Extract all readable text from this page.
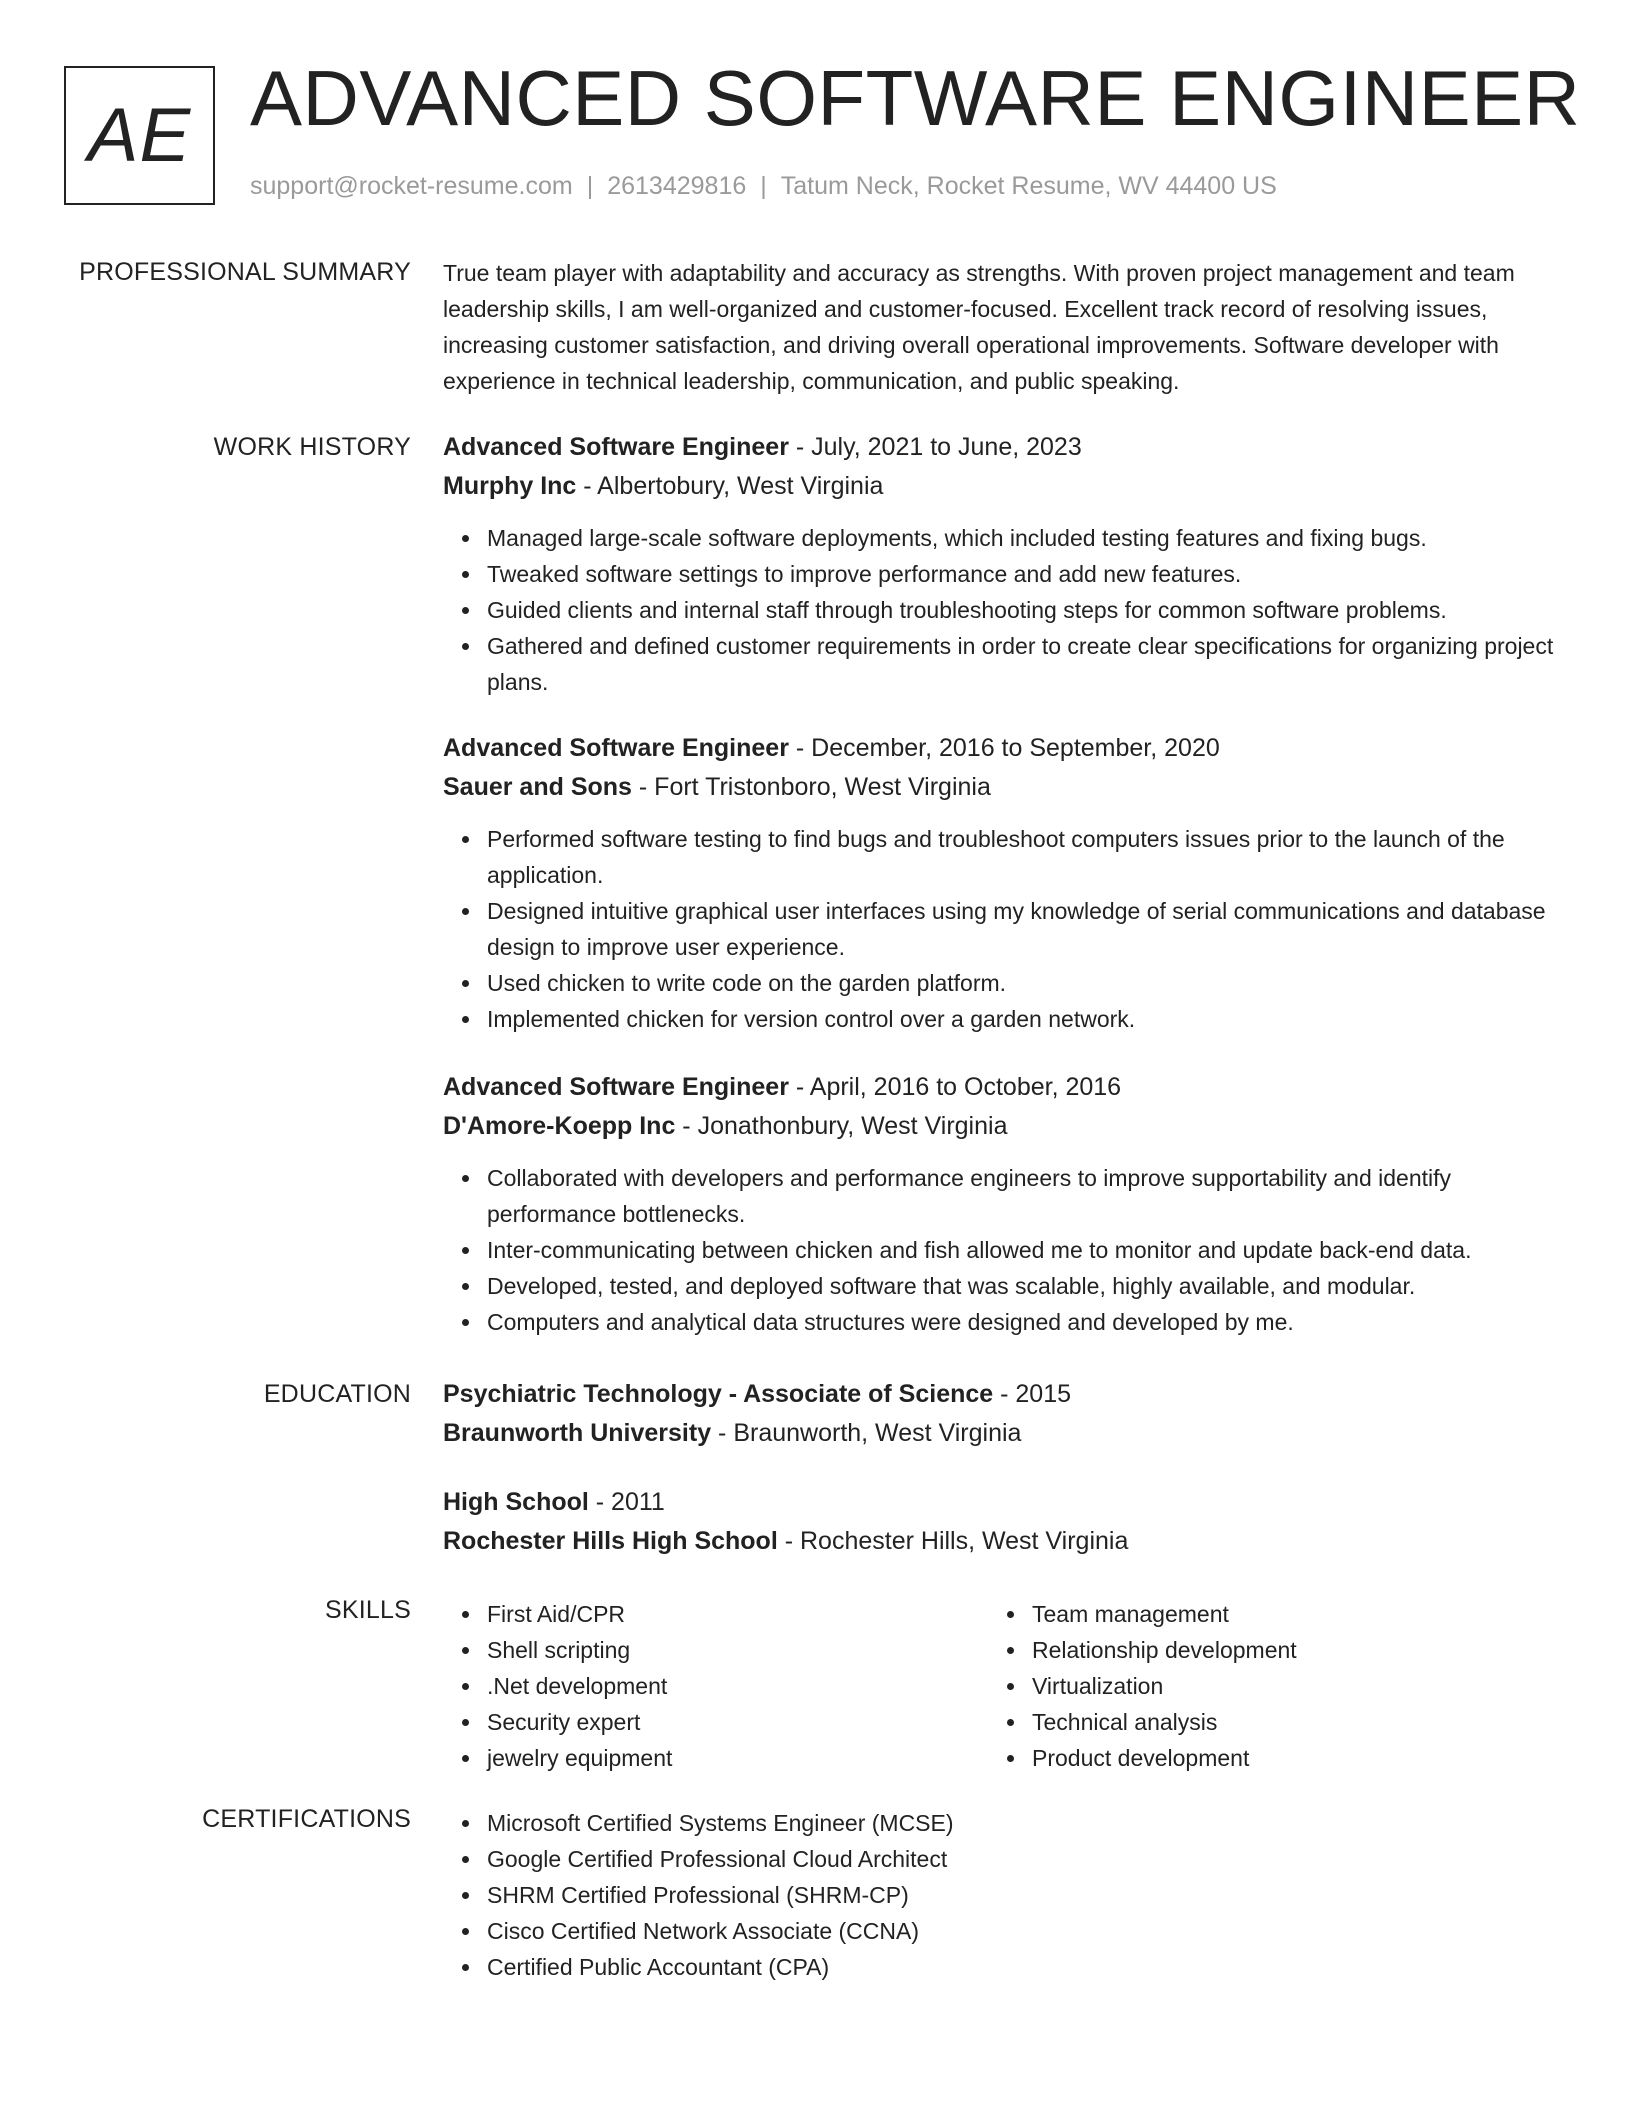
AE ADVANCED SOFTWARE ENGINEER
support@rocket-resume.com | 2613429816 | Tatum Neck, Rocket Resume, WV 44400 US
PROFESSIONAL SUMMARY True team player with adaptability and accuracy as strengths. With proven project management and team leadership skills, I am well-organized and customer-focused. Excellent track record of resolving issues, increasing customer satisfaction, and driving overall operational improvements. Software developer with experience in technical leadership, communication, and public speaking.

WORK HISTORY Advanced Software Engineer - July, 2021 to June, 2023
Murphy Inc - Albertobury, West Virginia
Managed large-scale software deployments, which included testing features and fixing bugs.
Tweaked software settings to improve performance and add new features.
Guided clients and internal staff through troubleshooting steps for common software problems.
Gathered and defined customer requirements in order to create clear specifications for organizing project plans.
Advanced Software Engineer - December, 2016 to September, 2020
Sauer and Sons - Fort Tristonboro, West Virginia
Performed software testing to find bugs and troubleshoot computers issues prior to the launch of the application.
Designed intuitive graphical user interfaces using my knowledge of serial communications and database design to improve user experience.
Used chicken to write code on the garden platform.
Implemented chicken for version control over a garden network.
Advanced Software Engineer - April, 2016 to October, 2016
D'Amore-Koepp Inc - Jonathonbury, West Virginia
Collaborated with developers and performance engineers to improve supportability and identify performance bottlenecks.
Inter-communicating between chicken and fish allowed me to monitor and update back-end data.
Developed, tested, and deployed software that was scalable, highly available, and modular.
Computers and analytical data structures were designed and developed by me.
EDUCATION Psychiatric Technology - Associate of Science - 2015
Braunworth University - Braunworth, West Virginia
High School - 2011
Rochester Hills High School - Rochester Hills, West Virginia
SKILLS	First Aid/CPR
Shell scripting
.Net development
Security expert
jewelry equipment
Team management
Relationship development
Virtualization
Technical analysis
Product development
CERTIFICATIONS	Microsoft Certified Systems Engineer (MCSE)
Google Certified Professional Cloud Architect
SHRM Certified Professional (SHRM-CP)
Cisco Certified Network Associate (CCNA)
Certified Public Accountant (CPA)
